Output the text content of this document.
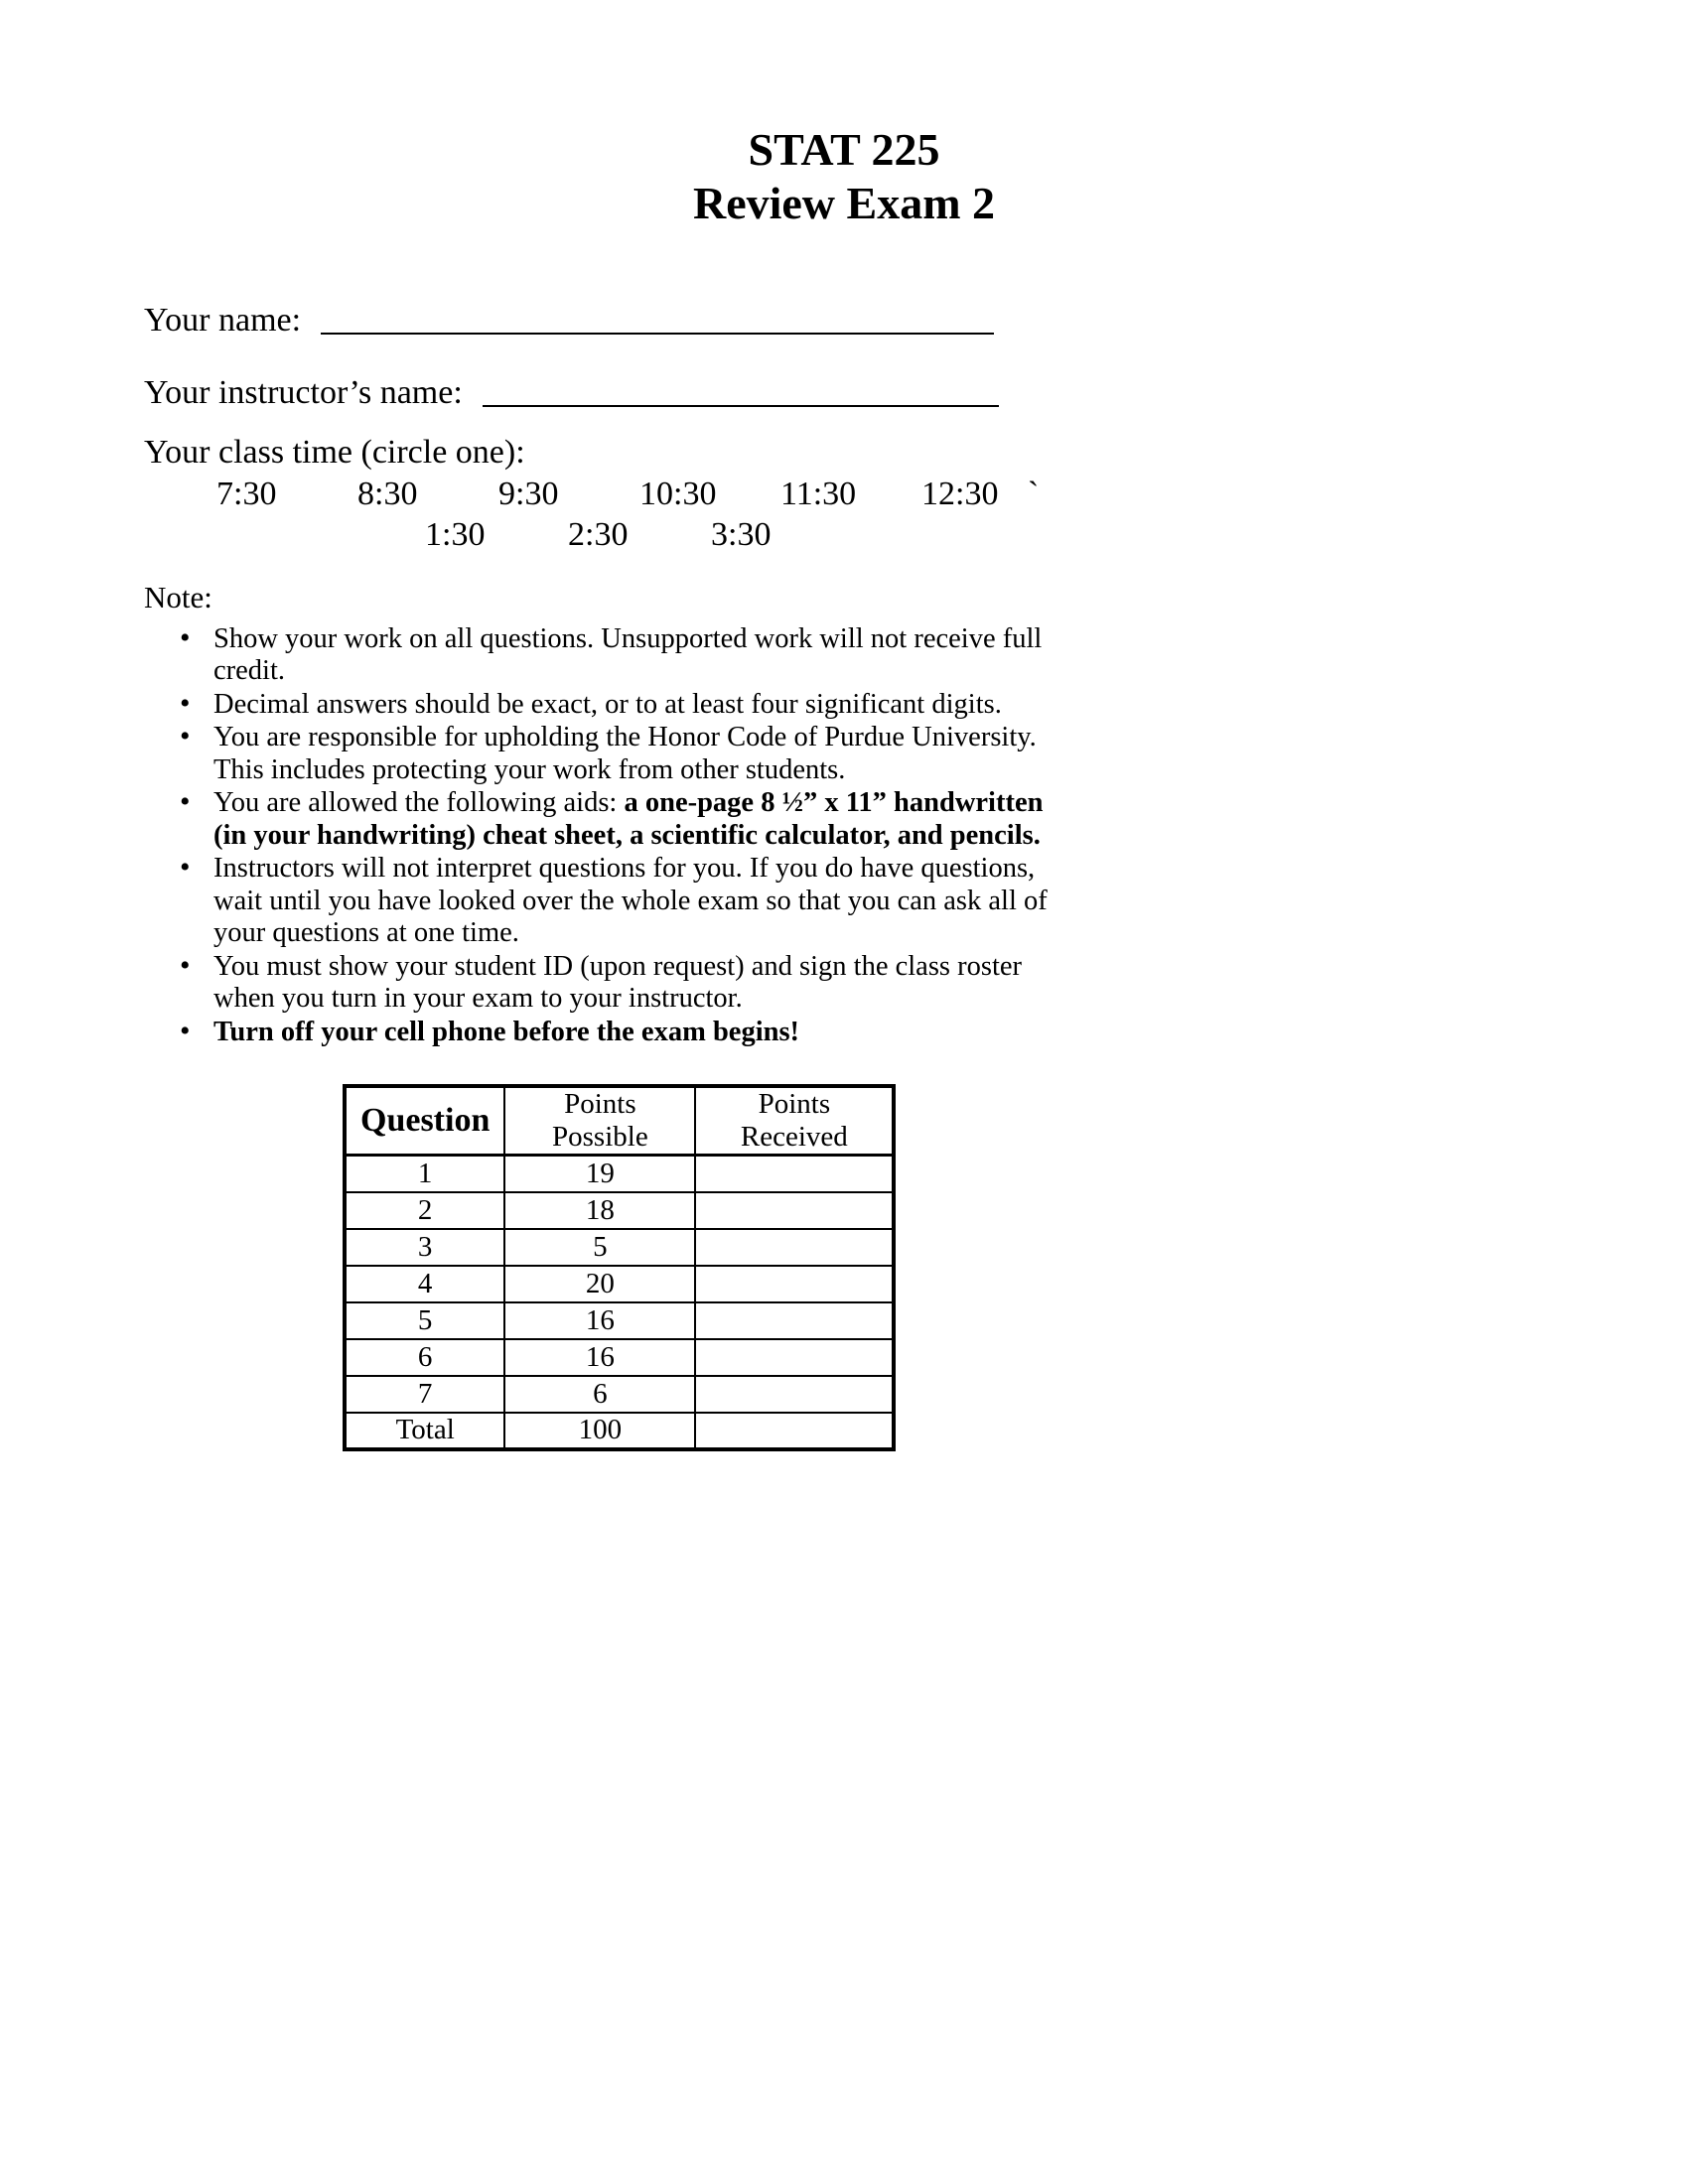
STAT 225
Review Exam 2
Your name:
Your instructor’s name:
Your class time (circle one):
7:30 8:30 9:30 10:30 11:30 12:30 `
1:30 2:30 3:30
Note:
• Show your work on all questions. Unsupported work will not receive full credit.
• Decimal answers should be exact, or to at least four significant digits.
• You are responsible for upholding the Honor Code of Purdue University. This includes protecting your work from other students.
• You are allowed the following aids: a one-page 8 ½” x 11” handwritten (in your handwriting) cheat sheet, a scientific calculator, and pencils.
• Instructors will not interpret questions for you. If you do have questions, wait until you have looked over the whole exam so that you can ask all of your questions at one time.
• You must show your student ID (upon request) and sign the class roster when you turn in your exam to your instructor.
• Turn off your cell phone before the exam begins!
Question	Points Possible	Points Received
1	19	
2	18	
3	5	
4	20	
5	16	
6	16	
7	6	
Total	100	
